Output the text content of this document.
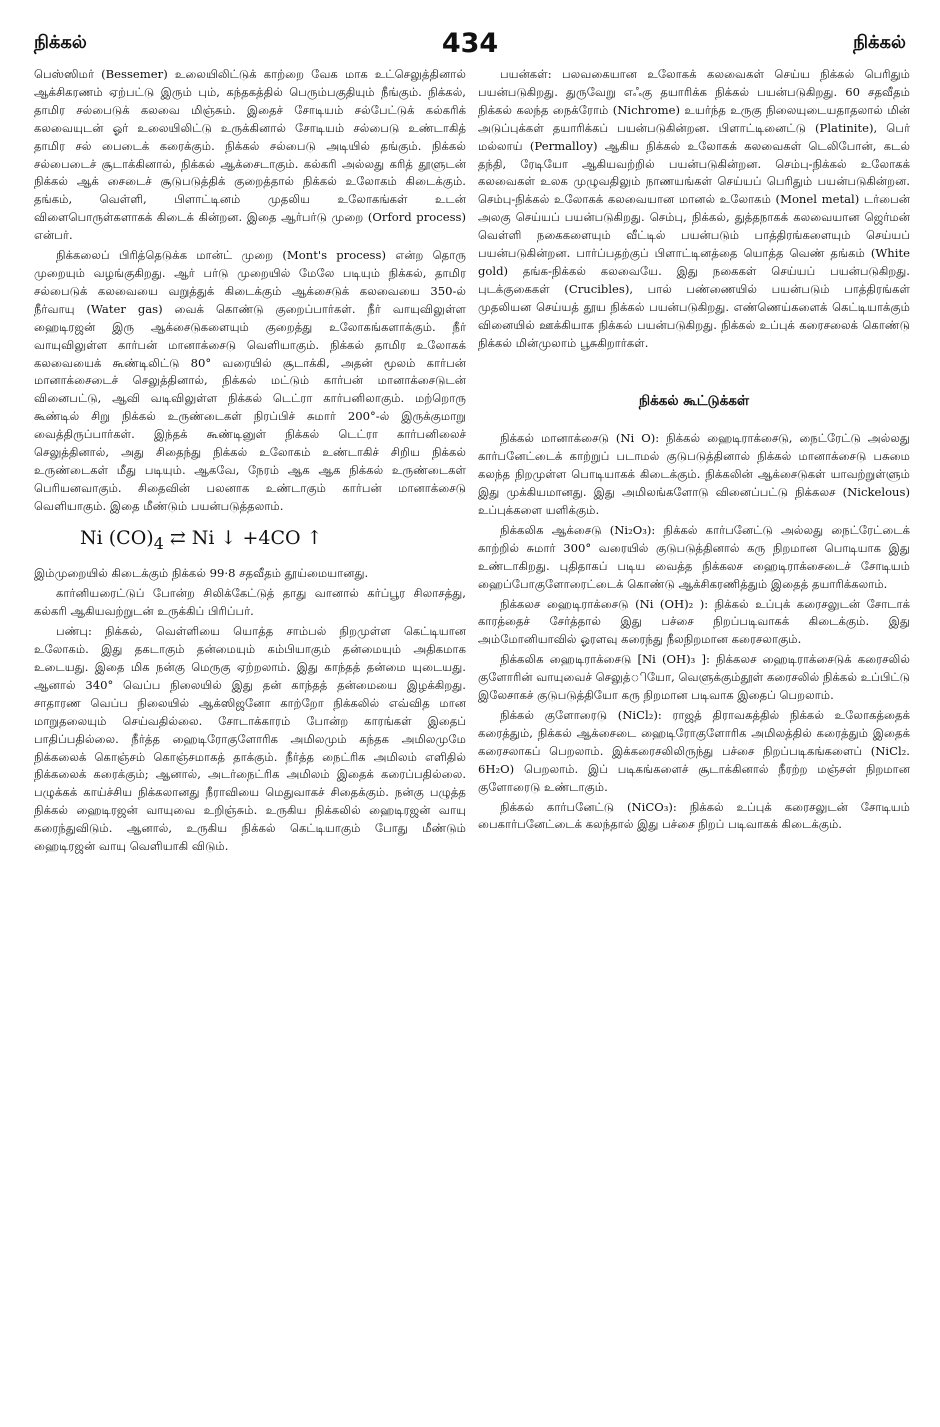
நிக்கல்	434	நிக்கல்

பெஸ்ஸிமர் (Bessemer) உலையிலிட்டுக் காற்றை வேக மாக உட்செலுத்தினால் ஆக்சிகரணம் ஏற்பட்டு இரும் பும், கந்தகத்தில் பெரும்பகுதியும் நீங்கும். நிக்கல், தாமிர சல்பைடுக் கலவை மிஞ்சும். இதைச் சோடியம் சல்பேட்டுக் கல்கரிக் கலவையுடன் ஓர் உலையிலிட்டு உருக்கினால் சோடியம் சல்பைடு உண்டாகித் தாமிர சல் பைடைக் கரைக்கும். நிக்கல் சல்பைடு அடியில் தங்கும். நிக்கல் சல்பைடைச் சூடாக்கினால், நிக்கல் ஆக்சைடாகும். கல்கரி அல்லது கரித் தூளுடன் நிக்கல் ஆக் சைடைச் சூடுபடுத்திக் குறைத்தால் நிக்கல் உலோகம் கிடைக்கும். தங்கம், வெள்ளி, பிளாட்டினம் முதலிய உலோகங்கள் உடன் விளைபொருள்களாகக் கிடைக் கின்றன. இதை ஆர்பர்டு முறை (Orford process) என்பர்.

நிக்கலைப் பிரித்தெடுக்க மான்ட் முறை (Mont's process) என்ற தொரு முறையும் வழங்குகிறது. ஆர் பர்டு முறையில் மேலே படியும் நிக்கல், தாமிர சல்பைடுக் கலவையை வறுத்துக் கிடைக்கும் ஆக்சைடுக் கலவையை 350-ல் நீர்வாயு (Water gas) வைக் கொண்டு குறைப்பார்கள். நீர் வாயுவிலுள்ள ஹைடிரஜன் இரு ஆக்சைடுகளையும் குறைத்து உலோகங்களாக்கும். நீர் வாயுவிலுள்ள கார்பன் மானாக்சைடு வெளியாகும். நிக்கல் தாமிர உலோகக் கலவையைக் கூண்டிலிட்டு 80° வரையில் சூடாக்கி, அதன் மூலம் கார்பன் மானாக்சைடைச் செலுத்தினால், நிக்கல் மட்டும் கார்பன் மானாக்சைடுடன் வினைபட்டு, ஆவி வடிவிலுள்ள நிக்கல் டெட்ரா கார்பனிலாகும். மற்றொரு கூண்டில் சிறு நிக்கல் உருண்டைகள் நிரப்பிச் சுமார் 200°-ல் இருக்குமாறு வைத்திருப்பார்கள். இந்தக் கூண்டினுள் நிக்கல் டெட்ரா கார்பனிலைச் செலுத்தினால், அது சிதைந்து நிக்கல் உலோகம் உண்டாகிச் சிறிய நிக்கல் உருண்டைகள் மீது படியும். ஆகவே, நேரம் ஆக ஆக நிக்கல் உருண்டைகள் பெரியனவாகும். சிதைவின் பலனாக உண்டாகும் கார்பன் மானாக்சைடு வெளியாகும். இதை மீண்டும் பயன்படுத்தலாம்.

Ni $(CO)_4$ ⇄ Ni ↓ +4CO ↑

இம்முறையில் கிடைக்கும் நிக்கல் 99·8 சதவீதம் தூய்மையானது.

கார்னியரைட்டுப் போன்ற சிலிக்கேட்டுத் தாது வானால் கர்ப்பூர சிலாசத்து, கல்கரி ஆகியவற்றுடன் உருக்கிப் பிரிப்பர்.

பண்பு: நிக்கல், வெள்ளியை யொத்த சாம்பல் நிறமுள்ள கெட்டியான உலோகம். இது தகடாகும் தன்மையும் கம்பியாகும் தன்மையும் அதிகமாக உடையது. இதை மிக நன்கு மெருகு ஏற்றலாம். இது காந்தத் தன்மை யுடையது. ஆனால் 340° வெப்ப நிலையில் இது தன் காந்தத் தன்மையை இழக்கிறது. சாதாரண வெப்ப நிலையில் ஆக்ஸிஜனோ காற்றோ நிக்கலில் எவ்வித மான மாறுதலையும் செய்வதில்லை. சோடாக்காரம் போன்ற காரங்கள் இதைப் பாதிப்பதில்லை. நீர்த்த ஹைடிரோகுளோரிக அமிலமும் கந்தக அமிலமுமே நிக்கலைக் கொஞ்சம் கொஞ்சமாகத் தாக்கும். நீர்த்த நைட்ரிக அமிலம் எளிதில் நிக்கலைக் கரைக்கும்; ஆனால், அடர்நைட்ரிக அமிலம் இதைக் கரைப்பதில்லை. பழுக்கக் காய்ச்சிய நிக்கலானது நீராவியை மெதுவாகச் சிதைக்கும். நன்கு பழுத்த நிக்கல் ஹைடிரஜன் வாயுவை உறிஞ்சும். உருகிய நிக்கலில் ஹைடிரஜன் வாயு கரைந்துவிடும். ஆனால், உருகிய நிக்கல் கெட்டியாகும் போது மீண்டும் ஹைடிரஜன் வாயு வெளியாகி விடும்.

பயன்கள்: பலவகையான உலோகக் கலவைகள் செய்ய நிக்கல் பெரிதும் பயன்படுகிறது. துருவேறு எஃகு தயாரிக்க நிக்கல் பயன்படுகிறது. 60 சதவீதம் நிக்கல் கலந்த நைக்ரோம் (Nichrome) உயர்ந்த உருகு நிலையுடையதாதலால் மின் அடுப்புக்கள் தயாரிக்கப் பயன்படுகின்றன. பிளாட்டினைட்டு (Platinite), பெர் மல்லாய் (Permalloy) ஆகிய நிக்கல் உலோகக் கலவைகள் டெலிபோன், கடல் தந்தி, ரேடியோ ஆகியவற்றில் பயன்படுகின்றன. செம்பு-நிக்கல் உலோகக் கலவைகள் உலக முழுவதிலும் நாணயங்கள் செய்யப் பெரிதும் பயன்படுகின்றன. செம்பு-நிக்கல் உலோகக் கலவையான மானல் உலோகம் (Monel metal) டர்பைன் அலகு செய்யப் பயன்படுகிறது. செம்பு, நிக்கல், துத்தநாகக் கலவையான ஜெர்மன் வெள்ளி நகைகளையும் வீட்டில் பயன்படும் பாத்திரங்களையும் செய்யப் பயன்படுகின்றன. பார்ப்பதற்குப் பிளாட்டினத்தை யொத்த வெண் தங்கம் (White gold) தங்க-நிக்கல் கலவையே. இது நகைகள் செய்யப் பயன்படுகிறது. புடக்குகைகள் (Crucibles), பால் பண்ணையில் பயன்படும் பாத்திரங்கள் முதலியன செய்யத் தூய நிக்கல் பயன்படுகிறது. எண்ணெய்களைக் கெட்டியாக்கும் வினையில் ஊக்கியாக நிக்கல் பயன்படுகிறது. நிக்கல் உப்புக் கரைசலைக் கொண்டு நிக்கல் மின்முலாம் பூசுகிறார்கள்.

நிக்கல் கூட்டுக்கள்

நிக்கல் மானாக்சைடு (Ni O): நிக்கல் ஹைடிராக்சைடு, நைட்ரேட்டு அல்லது கார்பனேட்டைக் காற்றுப் படாமல் குடுபடுத்தினால் நிக்கல் மானாக்சைடு பசுமை கலந்த நிறமுள்ள பொடியாகக் கிடைக்கும். நிக்கலின் ஆக்சைடுகள் யாவற்றுள்ளும் இது முக்கியமானது. இது அமிலங்களோடு வினைப்பட்டு நிக்கலச (Nickelous) உப்புக்களை யளிக்கும்.

நிக்கலிக ஆக்சைடு (Ni₂O₃): நிக்கல் கார்பனேட்டு அல்லது நைட்ரேட்டைக் காற்றில் சுமார் 300° வரையில் குடுபடுத்தினால் கரு நிறமான பொடியாக இது உண்டாகிறது. புதிதாகப் படிய வைத்த நிக்கலச ஹைடிராக்சைடைச் சோடியம் ஹைப்போகுளோரைட்டைக் கொண்டு ஆக்சிகரணித்தும் இதைத் தயாரிக்கலாம்.

நிக்கலச ஹைடிராக்சைடு (Ni (OH)₂ ): நிக்கல் உப்புக் கரைசலுடன் சோடாக் காரத்தைச் சேர்த்தால் இது பச்சை நிறப்படிவாகக் கிடைக்கும். இது அம்மோனியாவில் ஓரளவு கரைந்து நீலநிறமான கரைசலாகும்.

நிக்கலிக ஹைடிராக்சைடு [Ni (OH)₃ ]: நிக்கலச ஹைடிராக்சைடுக் கரைசலில் குளோரின் வாயுவைச் செலுத்ியோ, வெளுக்கும்தூள் கரைசலில் நிக்கல் உப்பிட்டு இலேசாகச் குடுபடுத்தியோ கரு நிறமான படிவாக இதைப் பெறலாம்.

நிக்கல் குளோரைடு (NiCl₂): ராஜத் திராவகத்தில் நிக்கல் உலோகத்தைக் கரைத்தும், நிக்கல் ஆக்சைடை ஹைடிரோகுளோரிக அமிலத்தில் கரைத்தும் இதைக் கரைசலாகப் பெறலாம். இக்கரைசலிலிருந்து பச்சை நிறப்படிகங்களைப் (NiCl₂. 6H₂O) பெறலாம். இப் படிகங்களைச் சூடாக்கினால் நீரற்ற மஞ்சள் நிறமான குளோரைடு உண்டாகும்.

நிக்கல் கார்பனேட்டு (NiCO₃): நிக்கல் உப்புக் கரைசலுடன் சோடியம் பைகார்பனேட்டைக் கலந்தால் இது பச்சை நிறப் படிவாகக் கிடைக்கும்.
